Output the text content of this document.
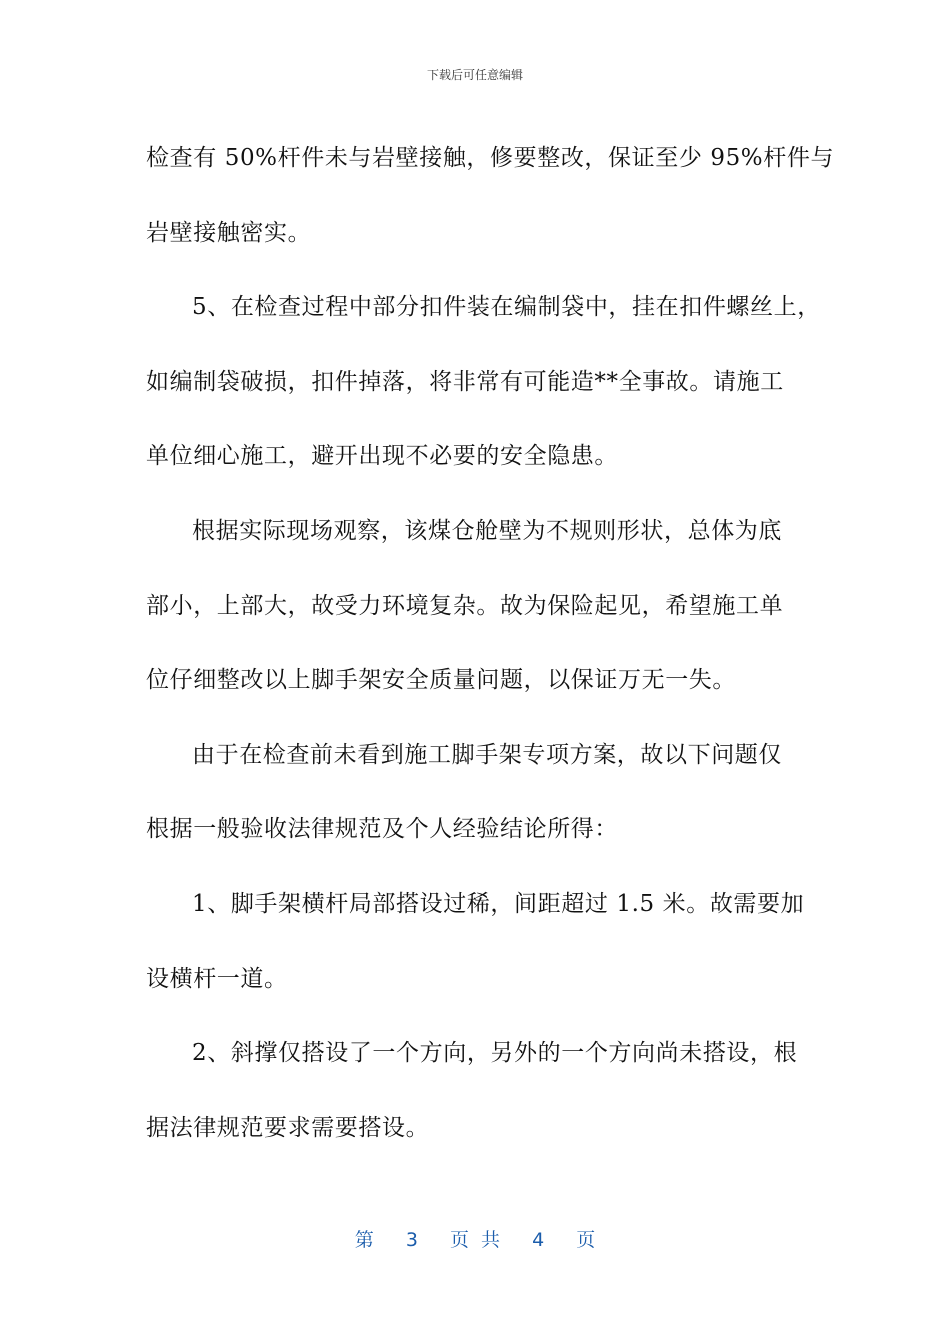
下载后可任意编辑
检查有 50%杆件未与岩壁接触，修要整改，保证至少 95%杆件与
岩壁接触密实。
5、在检查过程中部分扣件装在编制袋中，挂在扣件螺丝上，
如编制袋破损，扣件掉落，将非常有可能造**全事故。请施工
单位细心施工，避开出现不必要的安全隐患。
根据实际现场观察，该煤仓舱壁为不规则形状，总体为底
部小，上部大，故受力环境复杂。故为保险起见，希望施工单
位仔细整改以上脚手架安全质量问题，以保证万无一失。
由于在检查前未看到施工脚手架专项方案，故以下问题仅
根据一般验收法律规范及个人经验结论所得：
1、脚手架横杆局部搭设过稀，间距超过 1.5 米。故需要加
设横杆一道。
2、斜撑仅搭设了一个方向，另外的一个方向尚未搭设，根
据法律规范要求需要搭设。
第 3 页 共 4 页
